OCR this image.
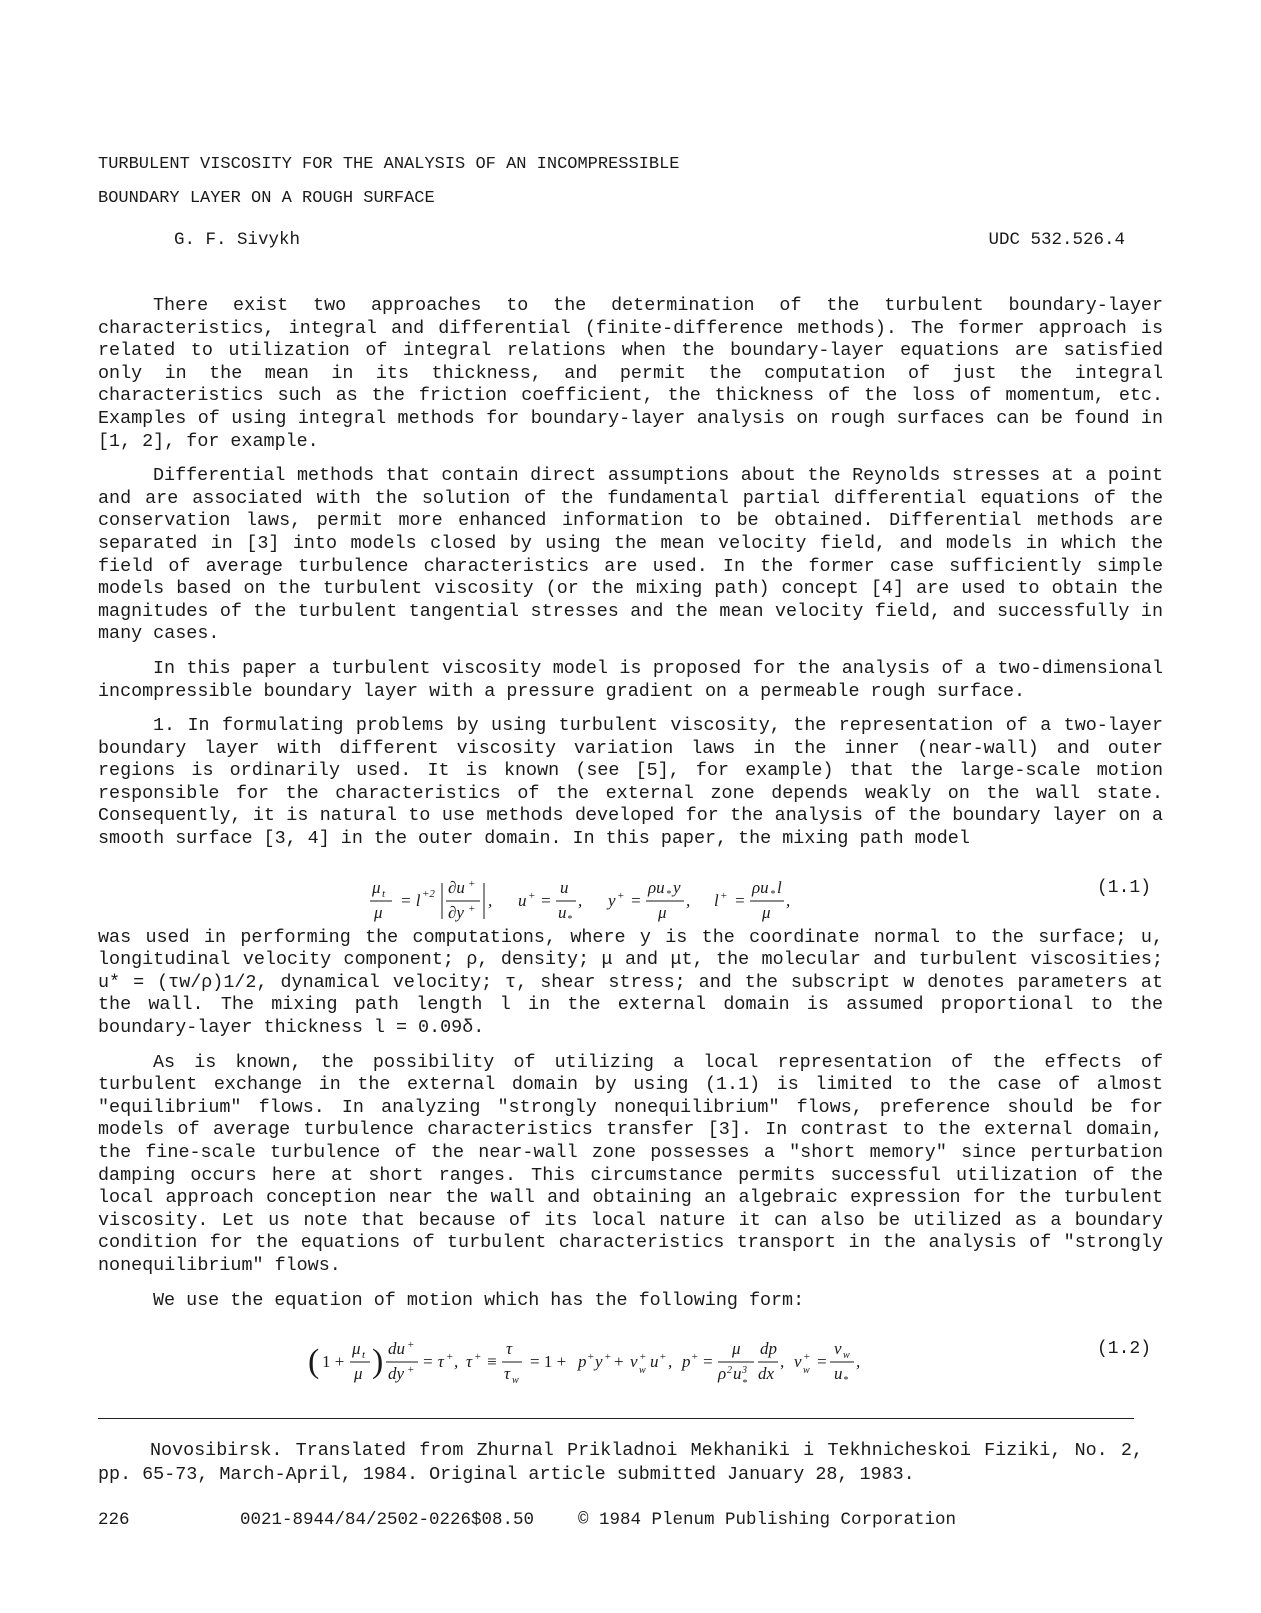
TURBULENT VISCOSITY FOR THE ANALYSIS OF AN INCOMPRESSIBLE
BOUNDARY LAYER ON A ROUGH SURFACE
G. F. Sivykh	UDC 532.526.4

There exist two approaches to the determination of the turbulent boundary-layer characteristics, integral and differential (finite-difference methods). The former approach is related to utilization of integral relations when the boundary-layer equations are satisfied only in the mean in its thickness, and permit the computation of just the integral characteristics such as the friction coefficient, the thickness of the loss of momentum, etc. Examples of using integral methods for boundary-layer analysis on rough surfaces can be found in [1, 2], for example.

Differential methods that contain direct assumptions about the Reynolds stresses at a point and are associated with the solution of the fundamental partial differential equations of the conservation laws, permit more enhanced information to be obtained. Differential methods are separated in [3] into models closed by using the mean velocity field, and models in which the field of average turbulence characteristics are used. In the former case sufficiently simple models based on the turbulent viscosity (or the mixing path) concept [4] are used to obtain the magnitudes of the turbulent tangential stresses and the mean velocity field, and successfully in many cases.

In this paper a turbulent viscosity model is proposed for the analysis of a two-dimensional incompressible boundary layer with a pressure gradient on a permeable rough surface.

1. In formulating problems by using turbulent viscosity, the representation of a two-layer boundary layer with different viscosity variation laws in the inner (near-wall) and outer regions is ordinarily used. It is known (see [5], for example) that the large-scale motion responsible for the characteristics of the external zone depends weakly on the wall state. Consequently, it is natural to use methods developed for the analysis of the boundary layer on a smooth surface [3, 4] in the outer domain. In this paper, the mixing path model

μ t
μ
= l +2 ∂u +
∂y + , u + =
u
u *
, y + =
ρu * y
μ
, l + =
ρu * l
μ
,
(1.1)

was used in performing the computations, where y is the coordinate normal to the surface; u, longitudinal velocity component; ρ, density; μ and μt, the molecular and turbulent viscosities; u* = (τw/ρ)1/2, dynamical velocity; τ, shear stress; and the subscript w denotes parameters at the wall. The mixing path length l in the external domain is assumed proportional to the boundary-layer thickness l = 0.09δ.

As is known, the possibility of utilizing a local representation of the effects of turbulent exchange in the external domain by using (1.1) is limited to the case of almost "equilibrium" flows. In analyzing "strongly nonequilibrium" flows, preference should be for models of average turbulence characteristics transfer [3]. In contrast to the external domain, the fine-scale turbulence of the near-wall zone possesses a "short memory" since perturbation damping occurs here at short ranges. This circumstance permits successful utilization of the local approach conception near the wall and obtaining an algebraic expression for the turbulent viscosity. Let us note that because of its local nature it can also be utilized as a boundary condition for the equations of turbulent characteristics transport in the analysis of "strongly nonequilibrium" flows.

We use the equation of motion which has the following form:

( 1 +
μ t
μ ) du +
dy + = τ + , τ + ≡
τ
τ w
= 1 + p + y + + v +
w u + , p + =
μ
ρ 2 u 3
*
dp
dx
, v +
w =
v w
u *
,
(1.2)

Novosibirsk. Translated from Zhurnal Prikladnoi Mekhaniki i Tekhnicheskoi Fiziki, No. 2, pp. 65-73, March-April, 1984. Original article submitted January 28, 1983.

226	0021-8944/84/2502-0226$08.50	© 1984 Plenum Publishing Corporation
